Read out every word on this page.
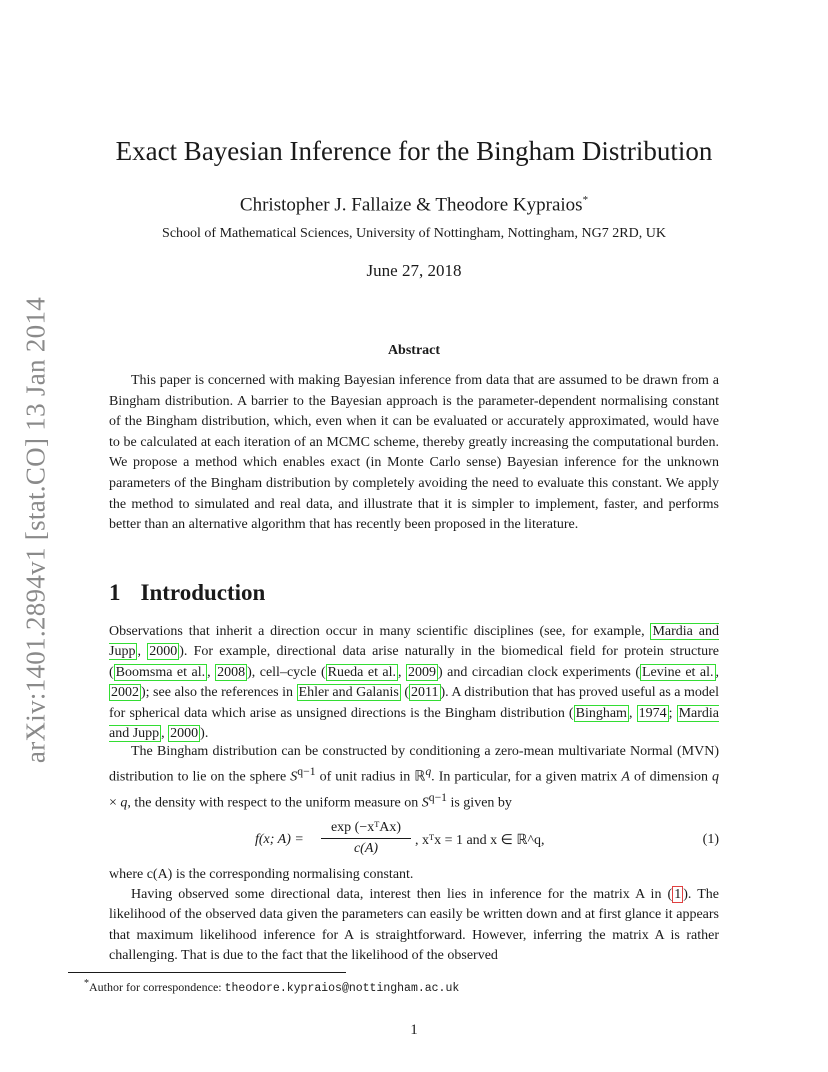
arXiv:1401.2894v1 [stat.CO] 13 Jan 2014
Exact Bayesian Inference for the Bingham Distribution
Christopher J. Fallaize & Theodore Kypraios*
School of Mathematical Sciences, University of Nottingham, Nottingham, NG7 2RD, UK
June 27, 2018
Abstract

This paper is concerned with making Bayesian inference from data that are assumed to be drawn from a Bingham distribution. A barrier to the Bayesian approach is the parameter-dependent normalising constant of the Bingham distribution, which, even when it can be evaluated or accurately approximated, would have to be calculated at each iteration of an MCMC scheme, thereby greatly increasing the computational burden. We propose a method which enables exact (in Monte Carlo sense) Bayesian inference for the unknown parameters of the Bingham distribution by completely avoiding the need to evaluate this constant. We apply the method to simulated and real data, and illustrate that it is simpler to implement, faster, and performs better than an alternative algorithm that has recently been proposed in the literature.

1 Introduction

Observations that inherit a direction occur in many scientific disciplines (see, for example, Mardia and Jupp , 2000 ). For example, directional data arise naturally in the biomedical field for protein structure ( Boomsma et al. , 2008 ), cell–cycle ( Rueda et al. , 2009 ) and circadian clock experiments ( Levine et al. , 2002 ); see also the references in Ehler and Galanis ( 2011 ). A distribution that has proved useful as a model for spherical data which arise as unsigned directions is the Bingham distribution ( Bingham , 1974 ; Mardia and Jupp , 2000 ).

The Bingham distribution can be constructed by conditioning a zero-mean multivariate Normal (MVN) distribution to lie on the sphere $S^{q-1}$ of unit radius in ℝ$^q$. In particular, for a given matrix A of dimension q × q, the density with respect to the uniform measure on $S^{q-1}$ is given by

f(x; A) =
exp (−xᵀAx)
c(A)
, xᵀx = 1 and x ∈ ℝ^q,	(1)

where c(A) is the corresponding normalising constant.

Having observed some directional data, interest then lies in inference for the matrix A in ( 1 ). The likelihood of the observed data given the parameters can easily be written down and at first glance it appears that maximum likelihood inference for A is straightforward. However, inferring the matrix A is rather challenging. That is due to the fact that the likelihood of the observed

*Author for correspondence: theodore.kypraios@nottingham.ac.uk
1
